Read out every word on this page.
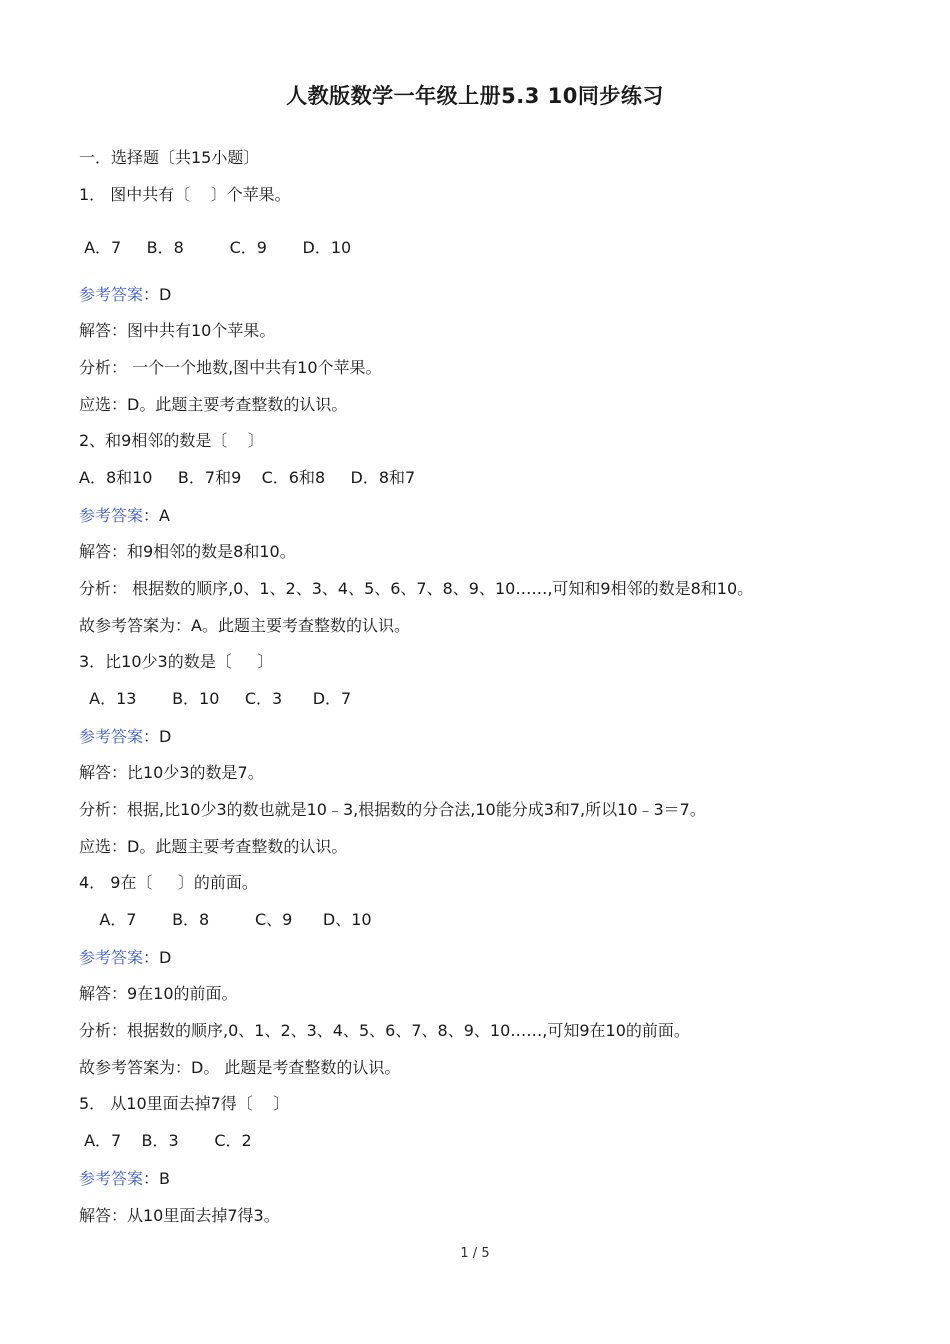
人教版数学一年级上册5.3 10同步练习
一．选择题〔共15小题〕
1． 图中共有〔    〕个苹果。
A．7     B．8         C．9       D．10
参考答案：D
解答：图中共有10个苹果。
分析： 一个一个地数,图中共有10个苹果。
应选：D。此题主要考查整数的认识。
2、和9相邻的数是〔    〕
A．8和10     B．7和9    C．6和8     D．8和7
参考答案：A
解答：和9相邻的数是8和10。
分析： 根据数的顺序,0、1、2、3、4、5、6、7、8、9、10……,可知和9相邻的数是8和10。
故参考答案为：A。此题主要考查整数的认识。
3．比10少3的数是〔     〕
A．13       B．10     C．3      D．7
参考答案：D
解答：比10少3的数是7。
分析：根据,比10少3的数也就是10﹣3,根据数的分合法,10能分成3和7,所以10﹣3＝7。
应选：D。此题主要考查整数的认识。
4． 9在〔     〕的前面。
A．7       B．8         C、9      D、10
参考答案：D
解答：9在10的前面。
分析：根据数的顺序,0、1、2、3、4、5、6、7、8、9、10……,可知9在10的前面。
故参考答案为：D。 此题是考查整数的认识。
5． 从10里面去掉7得〔    〕
A．7    B．3       C．2
参考答案：B
解答：从10里面去掉7得3。
1 / 5
